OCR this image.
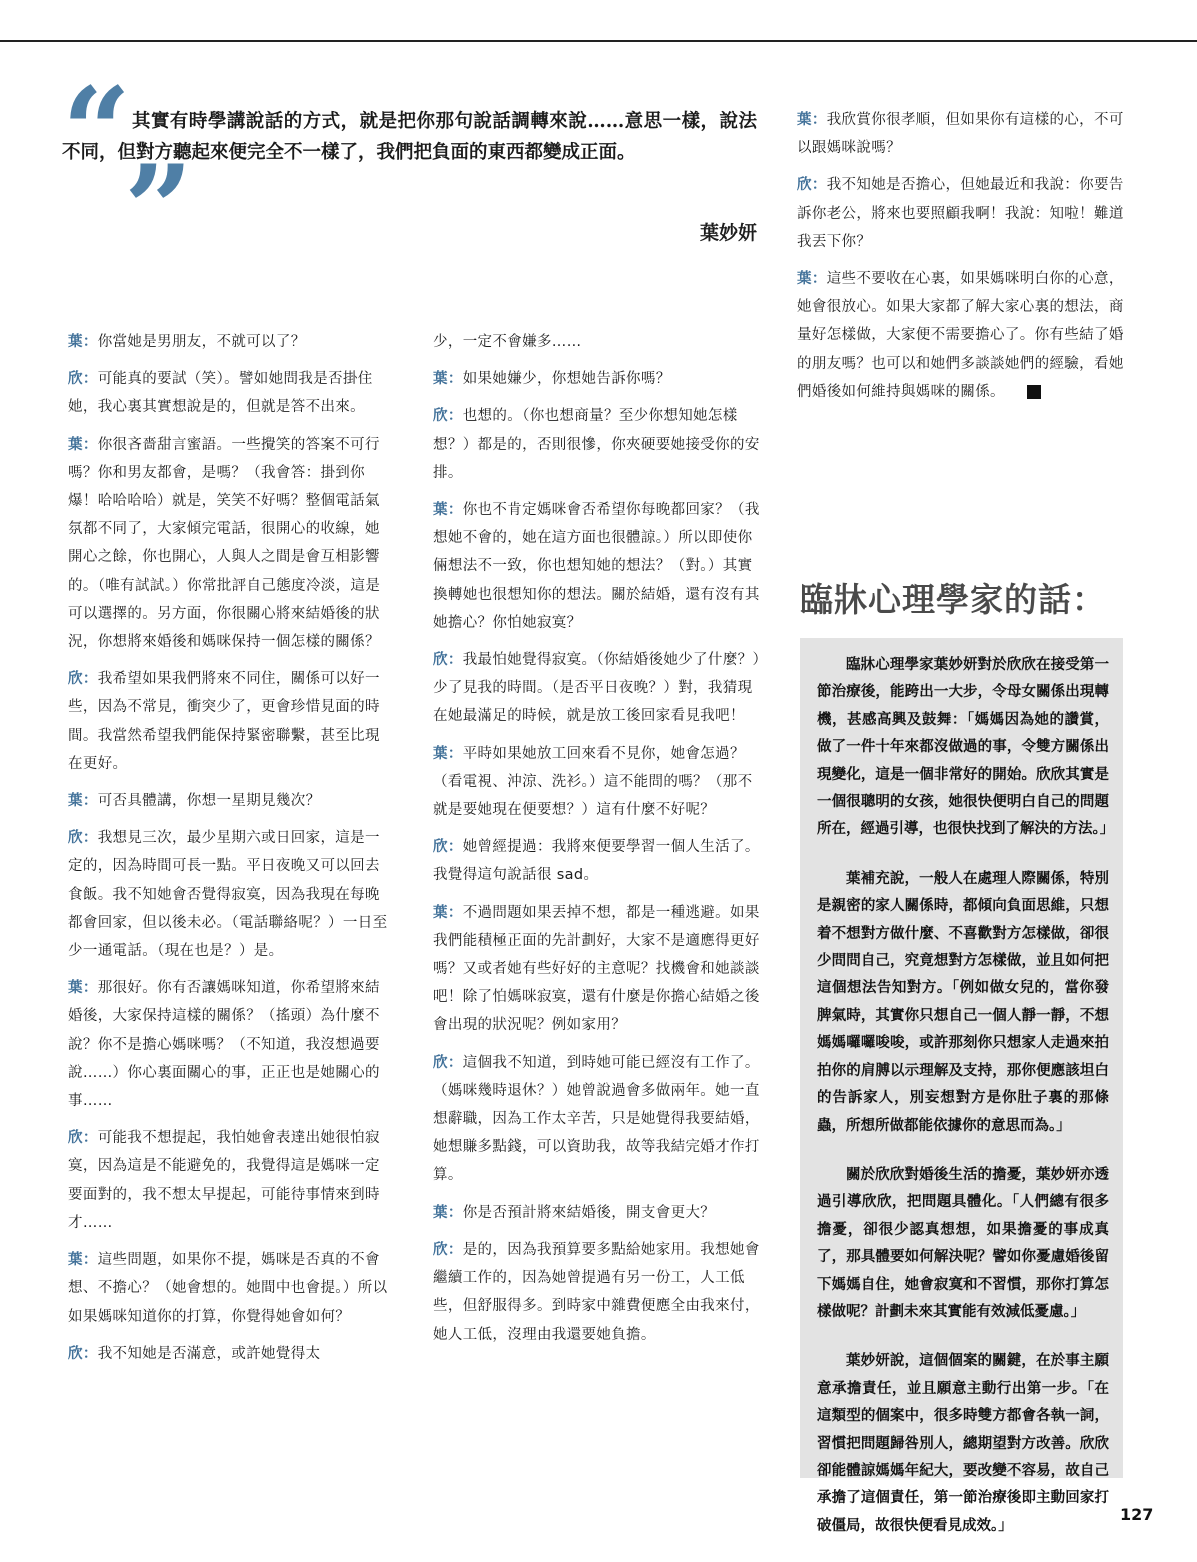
“ 其實有時學講說話的方式，就是把你那句說話調轉來說……意思一樣，說法不同，但對方聽起來便完全不一樣了，我們把負面的東西都變成正面。
”	葉妙妍

葉：你當她是男朋友，不就可以了？

欣：可能真的要試（笑）。譬如她問我是否掛住她，我心裏其實想說是的，但就是答不出來。

葉：你很吝嗇甜言蜜語。一些攪笑的答案不可行嗎？你和男友都會，是嗎？（我會答：掛到你爆！哈哈哈哈）就是，笑笑不好嗎？整個電話氣氛都不同了，大家傾完電話，很開心的收線，她開心之餘，你也開心，人與人之間是會互相影響的。（唯有試試。）你常批評自己態度冷淡，這是可以選擇的。另方面，你很關心將來結婚後的狀況，你想將來婚後和媽咪保持一個怎樣的關係？

欣：我希望如果我們將來不同住，關係可以好一些，因為不常見，衝突少了，更會珍惜見面的時間。我當然希望我們能保持緊密聯繫，甚至比現在更好。

葉：可否具體講，你想一星期見幾次？

欣：我想見三次，最少星期六或日回家，這是一定的，因為時間可長一點。平日夜晚又可以回去食飯。我不知她會否覺得寂寞，因為我現在每晚都會回家，但以後未必。（電話聯絡呢？）一日至少一通電話。（現在也是？）是。

葉：那很好。你有否讓媽咪知道，你希望將來結婚後，大家保持這樣的關係？（搖頭）為什麼不說？你不是擔心媽咪嗎？（不知道，我沒想過要說……）你心裏面關心的事，正正也是她關心的事……

欣：可能我不想提起，我怕她會表達出她很怕寂寞，因為這是不能避免的，我覺得這是媽咪一定要面對的，我不想太早提起，可能待事情來到時才……

葉：這些問題，如果你不提，媽咪是否真的不會想、不擔心？（她會想的。她間中也會提。）所以如果媽咪知道你的打算，你覺得她會如何？

欣：我不知她是否滿意，或許她覺得太

少，一定不會嫌多……

葉：如果她嫌少，你想她告訴你嗎？

欣：也想的。（你也想商量？至少你想知她怎樣想？）都是的，否則很慘，你夾硬要她接受你的安排。

葉：你也不肯定媽咪會否希望你每晚都回家？（我想她不會的，她在這方面也很體諒。）所以即使你倆想法不一致，你也想知她的想法？（對。）其實換轉她也很想知你的想法。關於結婚，還有沒有其她擔心？你怕她寂寞？

欣：我最怕她覺得寂寞。（你結婚後她少了什麼？）少了見我的時間。（是否平日夜晚？）對，我猜現在她最滿足的時候，就是放工後回家看見我吧！

葉：平時如果她放工回來看不見你，她會怎過？（看電視、沖涼、洗衫。）這不能問的嗎？（那不就是要她現在便要想？）這有什麼不好呢？

欣：她曾經提過：我將來便要學習一個人生活了。我覺得這句說話很 sad。

葉：不過問題如果丟掉不想，都是一種逃避。如果我們能積極正面的先計劃好，大家不是適應得更好嗎？又或者她有些好好的主意呢？找機會和她談談吧！除了怕媽咪寂寞，還有什麼是你擔心結婚之後會出現的狀況呢？例如家用？

欣：這個我不知道，到時她可能已經沒有工作了。（媽咪幾時退休？）她曾說過會多做兩年。她一直想辭職，因為工作太辛苦，只是她覺得我要結婚，她想賺多點錢，可以資助我，故等我結完婚才作打算。

葉：你是否預計將來結婚後，開支會更大？

欣：是的，因為我預算要多點給她家用。我想她會繼續工作的，因為她曾提過有另一份工，人工低些，但舒服得多。到時家中雜費便應全由我來付，她人工低，沒理由我還要她負擔。

葉：我欣賞你很孝順，但如果你有這樣的心，不可以跟媽咪說嗎？

欣：我不知她是否擔心，但她最近和我說：你要告訴你老公，將來也要照顧我啊！我說：知啦！難道我丟下你？

葉：這些不要收在心裏，如果媽咪明白你的心意，她會很放心。如果大家都了解大家心裏的想法，商量好怎樣做，大家便不需要擔心了。你有些結了婚的朋友嗎？也可以和她們多談談她們的經驗，看她們婚後如何維持與媽咪的關係。

臨牀心理學家的話：

臨牀心理學家葉妙妍對於欣欣在接受第一節治療後，能跨出一大步，令母女關係出現轉機，甚感高興及鼓舞：「媽媽因為她的讚賞，做了一件十年來都沒做過的事，令雙方關係出現變化，這是一個非常好的開始。欣欣其實是一個很聰明的女孩，她很快便明白自己的問題所在，經過引導，也很快找到了解決的方法。」

葉補充說，一般人在處理人際關係，特別是親密的家人關係時，都傾向負面思維，只想着不想對方做什麼、不喜歡對方怎樣做，卻很少問問自己，究竟想對方怎樣做，並且如何把這個想法告知對方。「例如做女兒的，當你發脾氣時，其實你只想自己一個人靜一靜，不想媽媽囉囉唆唆，或許那刻你只想家人走過來拍拍你的肩膊以示理解及支持，那你便應該坦白的告訴家人，別妄想對方是你肚子裏的那條蟲，所想所做都能依據你的意思而為。」

關於欣欣對婚後生活的擔憂，葉妙妍亦透過引導欣欣，把問題具體化。「人們總有很多擔憂，卻很少認真想想，如果擔憂的事成真了，那具體要如何解決呢？譬如你憂慮婚後留下媽媽自住，她會寂寞和不習慣，那你打算怎樣做呢？計劃未來其實能有效減低憂慮。」

葉妙妍說，這個個案的關鍵，在於事主願意承擔責任，並且願意主動行出第一步。「在這類型的個案中，很多時雙方都會各執一詞，習慣把問題歸咎別人，總期望對方改善。欣欣卻能體諒媽媽年紀大，要改變不容易，故自己承擔了這個責任，第一節治療後即主動回家打破僵局，故很快便看見成效。」

127
